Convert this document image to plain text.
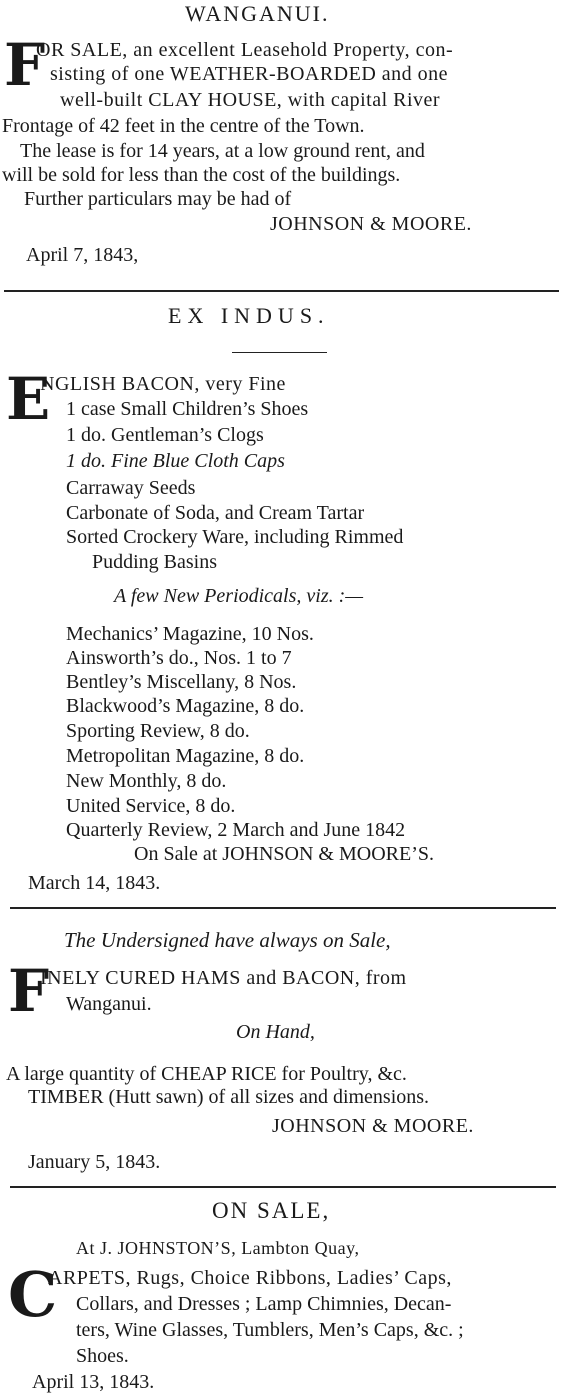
WANGANUI.
F
OR SALE, an excellent Leasehold Property, con-
sisting of one WEATHER-BOARDED and one
well-built CLAY HOUSE, with capital River
Frontage of 42 feet in the centre of the Town.
The lease is for 14 years, at a low ground rent, and
will be sold for less than the cost of the buildings.
Further particulars may be had of
JOHNSON & MOORE.
April 7, 1843,
EX INDUS.
E
NGLISH BACON, very Fine
1 case Small Children’s Shoes
1 do. Gentleman’s Clogs
1 do. Fine Blue Cloth Caps
Carraway Seeds
Carbonate of Soda, and Cream Tartar
Sorted Crockery Ware, including Rimmed
Pudding Basins
A few New Periodicals, viz. :—
Mechanics’ Magazine, 10 Nos.
Ainsworth’s do., Nos. 1 to 7
Bentley’s Miscellany, 8 Nos.
Blackwood’s Magazine, 8 do.
Sporting Review, 8 do.
Metropolitan Magazine, 8 do.
New Monthly, 8 do.
United Service, 8 do.
Quarterly Review, 2 March and June 1842
On Sale at JOHNSON & MOORE’S.
March 14, 1843.
The Undersigned have always on Sale,
F
INELY CURED HAMS and BACON, from
Wanganui.
On Hand,
A large quantity of CHEAP RICE for Poultry, &c.
TIMBER (Hutt sawn) of all sizes and dimensions.
JOHNSON & MOORE.
January 5, 1843.
ON SALE,
At J. JOHNSTON’S, Lambton Quay,
C
ARPETS, Rugs, Choice Ribbons, Ladies’ Caps,
Collars, and Dresses ; Lamp Chimnies, Decan-
ters, Wine Glasses, Tumblers, Men’s Caps, &c. ;
Shoes.
April 13, 1843.
